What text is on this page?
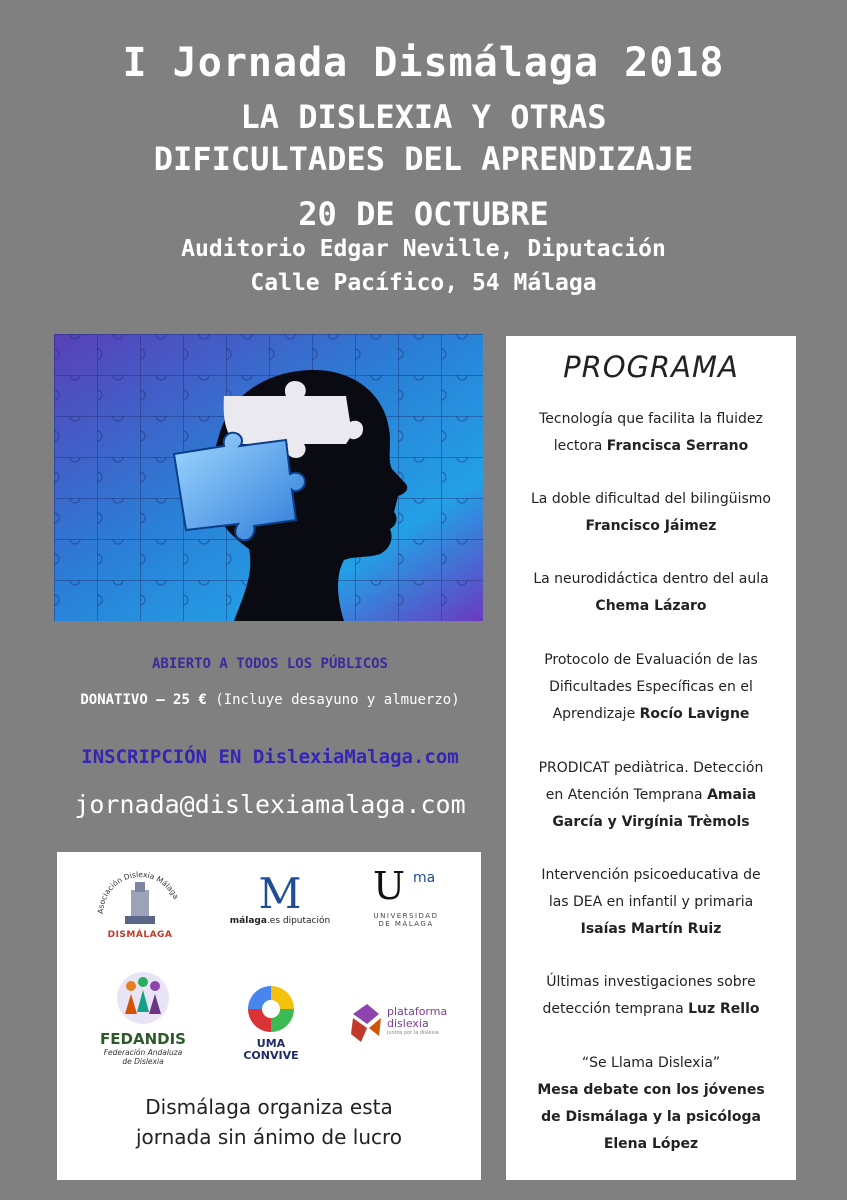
I Jornada Dismálaga 2018
LA DISLEXIA Y OTRAS
DIFICULTADES DEL APRENDIZAJE
20 DE OCTUBRE
Auditorio Edgar Neville, Diputación
Calle Pacífico, 54 Málaga
ABIERTO A TODOS LOS PÚBLICOS
DONATIVO – 25 € (Incluye desayuno y almuerzo)
INSCRIPCIÓN EN DislexiaMalaga.com
jornada@dislexiamalaga.com
Asociación Dislexia Málaga
DISMÁLAGA
M
málaga.es diputación
U ma
UNIVERSIDAD
DE MÁLAGA
FEDANDIS
Federación Andaluza
de Dislexia
UMA
CONVIVE
plataforma
dislexia
juntos por la dislexia
Dismálaga organiza esta
jornada sin ánimo de lucro
PROGRAMA
Tecnología que facilita la fluidez
lectora Francisca Serrano
La doble dificultad del bilingüismo
Francisco Jáimez
La neurodidáctica dentro del aula
Chema Lázaro
Protocolo de Evaluación de las
Dificultades Específicas en el
Aprendizaje Rocío Lavigne
PRODICAT pediàtrica. Detección
en Atención Temprana Amaia
García y Virgínia Trèmols
Intervención psicoeducativa de
las DEA en infantil y primaria
Isaías Martín Ruiz
Últimas investigaciones sobre
detección temprana Luz Rello
“Se Llama Dislexia”
Mesa debate con los jóvenes
de Dismálaga y la psicóloga
Elena López
